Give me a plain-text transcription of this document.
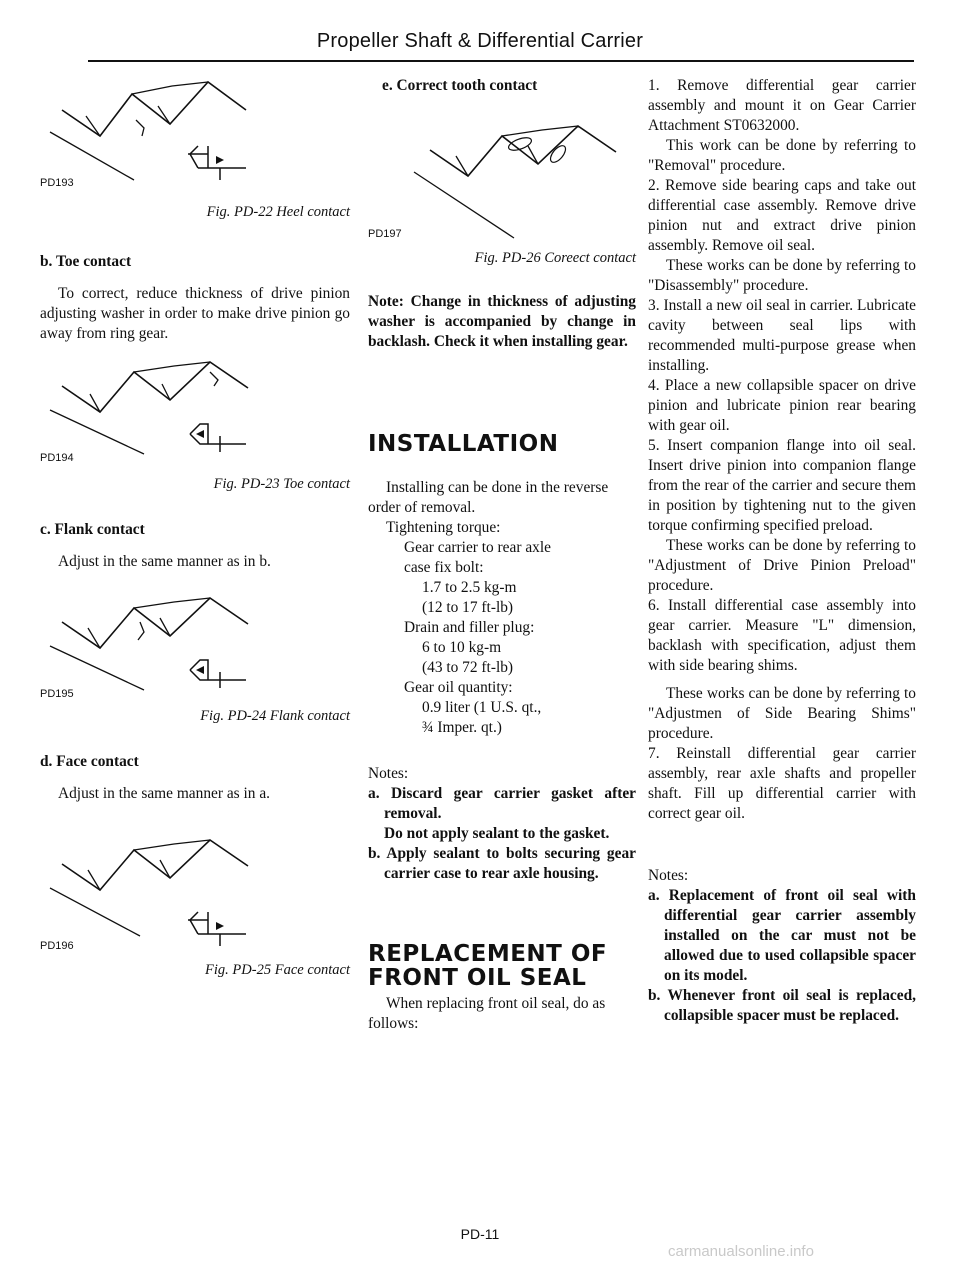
Propeller Shaft & Differential Carrier
PD193
Fig. PD-22 Heel contact

b. Toe contact

To correct, reduce thickness of drive pinion adjusting washer in order to make drive pinion go away from ring gear.

PD194
Fig. PD-23 Toe contact

c. Flank contact

Adjust in the same manner as in b.

PD195
Fig. PD-24 Flank contact

d. Face contact

Adjust in the same manner as in a.

PD196
Fig. PD-25 Face contact

e. Correct tooth contact

PD197
Fig. PD-26 Coreect contact

Note: Change in thickness of adjusting washer is accompanied by change in backlash. Check it when installing gear.

INSTALLATION

Installing can be done in the reverse order of removal.

Tightening torque:

Gear carrier to rear axle

case fix bolt:

1.7 to 2.5 kg-m

(12 to 17 ft-lb)

Drain and filler plug:

6 to 10 kg-m

(43 to 72 ft-lb)

Gear oil quantity:

0.9 liter (1 U.S. qt.,

¾ Imper. qt.)

Notes:

a. Discard gear carrier gasket after removal.

Do not apply sealant to the gasket.

b. Apply sealant to bolts securing gear carrier case to rear axle housing.

REPLACEMENT OF

FRONT OIL SEAL

When replacing front oil seal, do as follows:

1. Remove differential gear carrier assembly and mount it on Gear Carrier Attachment ST0632000.

This work can be done by referring to "Removal" procedure.

2. Remove side bearing caps and take out differential case assembly. Remove drive pinion nut and extract drive pinion assembly. Remove oil seal.

These works can be done by referring to "Disassembly" procedure.

3. Install a new oil seal in carrier. Lubricate cavity between seal lips with recommended multi-purpose grease when installing.

4. Place a new collapsible spacer on drive pinion and lubricate pinion rear bearing with gear oil.

5. Insert companion flange into oil seal. Insert drive pinion into companion flange from the rear of the carrier and secure them in position by tightening nut to the given torque confirming specified preload.

These works can be done by referring to "Adjustment of Drive Pinion Preload" procedure.

6. Install differential case assembly into gear carrier. Measure "L" dimension, backlash with specification, adjust them with side bearing shims.

These works can be done by referring to "Adjustmen of Side Bearing Shims" procedure.

7. Reinstall differential gear carrier assembly, rear axle shafts and propeller shaft. Fill up differential carrier with correct gear oil.

Notes:

a. Replacement of front oil seal with differential gear carrier assembly installed on the car must not be allowed due to used collapsible spacer on its model.

b. Whenever front oil seal is replaced, collapsible spacer must be replaced.

PD-11
carmanualsonline.info
